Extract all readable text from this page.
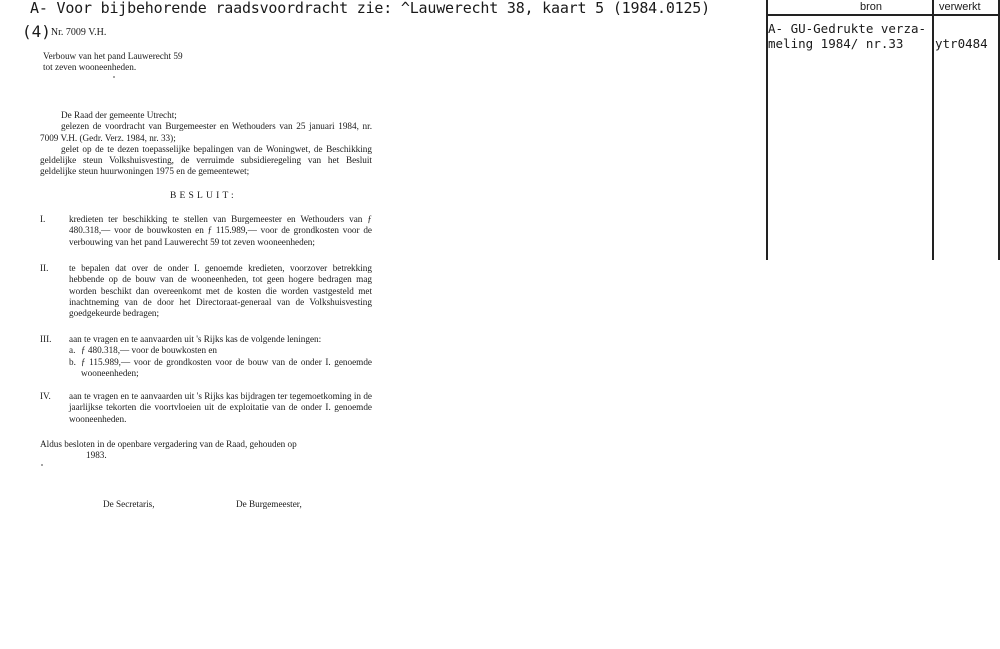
A- Voor bijbehorende raadsvoordracht zie: ^Lauwerecht 38, kaart 5 (1984.0125)
(4)Nr. 7009 V.H.
Verbouw van het pand Lauwerecht 59
tot zeven wooneenheden.
De Raad der gemeente Utrecht;
gelezen de voordracht van Burgemeester en Wethouders van 25 januari 1984, nr. 7009 V.H. (Gedr. Verz. 1984, nr. 33);
gelet op de te dezen toepasselijke bepalingen van de Woningwet, de Beschikking geldelijke steun Volkshuisvesting, de verruimde subsidieregeling van het Besluit geldelijke steun huurwoningen 1975 en de gemeentewet;
BESLUIT:
I.	kredieten ter beschikking te stellen van Burgemeester en Wethouders van ƒ 480.318,— voor de bouwkosten en ƒ 115.989,— voor de grondkosten voor de verbouwing van het pand Lauwerecht 59 tot zeven wooneenheden;
II. te bepalen dat over de onder I. genoemde kredieten, voorzover betrekking hebbende op de bouw van de wooneenheden, tot geen hogere bedragen mag worden beschikt dan overeenkomt met de kosten die worden vastgesteld met inachtneming van de door het Directoraat-generaal van de Volkshuisvesting goedgekeurde bedragen;
III. aan te vragen en te aanvaarden uit 's Rijks kas de volgende leningen:
a. ƒ 480.318,— voor de bouwkosten en
b. ƒ 115.989,— voor de grondkosten voor de bouw van de onder I. genoemde wooneenheden;
IV. aan te vragen en te aanvaarden uit 's Rijks kas bijdragen ter tegemoetkoming in de jaarlijkse tekorten die voortvloeien uit de exploitatie van de onder I. genoemde wooneenheden.
Aldus besloten in de openbare vergadering van de Raad, gehouden op
1983.
De Secretaris,	De Burgemeester,
bron	verwerkt
A- GU-Gedrukte verza-
meling 1984/ nr.33	ytr0484
